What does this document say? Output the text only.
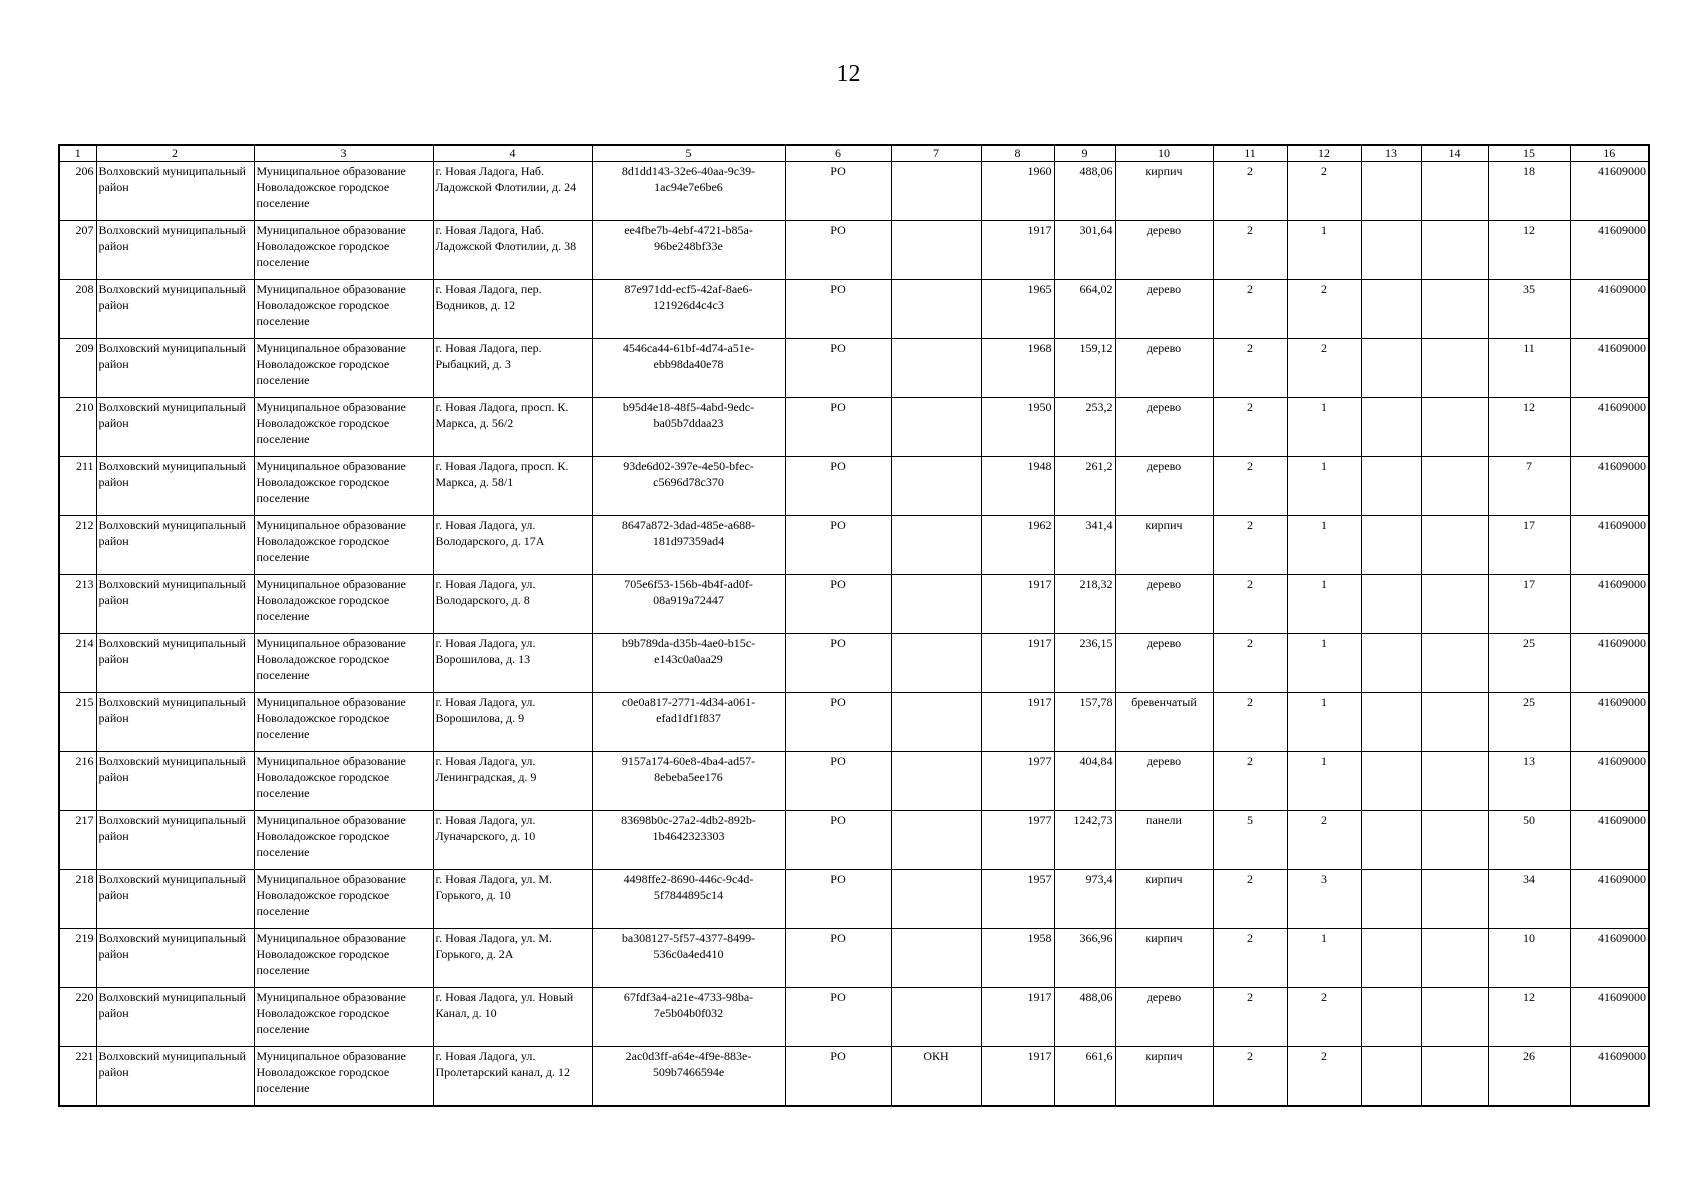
12
1	2	3	4	5	6	7	8	9	10	11	12	13	14	15	16
206	Волховский муниципальный район	Муниципальное образование Новоладожское городское поселение	г. Новая Ладога, Наб. Ладожской Флотилии, д. 24	8d1dd143-32e6-40aa-9c39-1ac94e7e6be6	РО		1960	488,06	кирпич	2	2			18	41609000
207	Волховский муниципальный район	Муниципальное образование Новоладожское городское поселение	г. Новая Ладога, Наб. Ладожской Флотилии, д. 38	ee4fbe7b-4ebf-4721-b85a-96be248bf33e	РО		1917	301,64	дерево	2	1			12	41609000
208	Волховский муниципальный район	Муниципальное образование Новоладожское городское поселение	г. Новая Ладога, пер. Водников, д. 12	87e971dd-ecf5-42af-8ae6-121926d4c4c3	РО		1965	664,02	дерево	2	2			35	41609000
209	Волховский муниципальный район	Муниципальное образование Новоладожское городское поселение	г. Новая Ладога, пер. Рыбацкий, д. 3	4546ca44-61bf-4d74-a51e-ebb98da40e78	РО		1968	159,12	дерево	2	2			11	41609000
210	Волховский муниципальный район	Муниципальное образование Новоладожское городское поселение	г. Новая Ладога, просп. К. Маркса, д. 56/2	b95d4e18-48f5-4abd-9edc-ba05b7ddaa23	РО		1950	253,2	дерево	2	1			12	41609000
211	Волховский муниципальный район	Муниципальное образование Новоладожское городское поселение	г. Новая Ладога, просп. К. Маркса, д. 58/1	93de6d02-397e-4e50-bfec-c5696d78c370	РО		1948	261,2	дерево	2	1			7	41609000
212	Волховский муниципальный район	Муниципальное образование Новоладожское городское поселение	г. Новая Ладога, ул. Володарского, д. 17А	8647a872-3dad-485e-a688-181d97359ad4	РО		1962	341,4	кирпич	2	1			17	41609000
213	Волховский муниципальный район	Муниципальное образование Новоладожское городское поселение	г. Новая Ладога, ул. Володарского, д. 8	705e6f53-156b-4b4f-ad0f-08a919a72447	РО		1917	218,32	дерево	2	1			17	41609000
214	Волховский муниципальный район	Муниципальное образование Новоладожское городское поселение	г. Новая Ладога, ул. Ворошилова, д. 13	b9b789da-d35b-4ae0-b15c-e143c0a0aa29	РО		1917	236,15	дерево	2	1			25	41609000
215	Волховский муниципальный район	Муниципальное образование Новоладожское городское поселение	г. Новая Ладога, ул. Ворошилова, д. 9	c0e0a817-2771-4d34-a061-efad1df1f837	РО		1917	157,78	бревенчатый	2	1			25	41609000
216	Волховский муниципальный район	Муниципальное образование Новоладожское городское поселение	г. Новая Ладога, ул. Ленинградская, д. 9	9157a174-60e8-4ba4-ad57-8ebeba5ee176	РО		1977	404,84	дерево	2	1			13	41609000
217	Волховский муниципальный район	Муниципальное образование Новоладожское городское поселение	г. Новая Ладога, ул. Луначарского, д. 10	83698b0c-27a2-4db2-892b-1b4642323303	РО		1977	1242,73	панели	5	2			50	41609000
218	Волховский муниципальный район	Муниципальное образование Новоладожское городское поселение	г. Новая Ладога, ул. М. Горького, д. 10	4498ffe2-8690-446c-9c4d-5f7844895c14	РО		1957	973,4	кирпич	2	3			34	41609000
219	Волховский муниципальный район	Муниципальное образование Новоладожское городское поселение	г. Новая Ладога, ул. М. Горького, д. 2А	ba308127-5f57-4377-8499-536c0a4ed410	РО		1958	366,96	кирпич	2	1			10	41609000
220	Волховский муниципальный район	Муниципальное образование Новоладожское городское поселение	г. Новая Ладога, ул. Новый Канал, д. 10	67fdf3a4-a21e-4733-98ba-7e5b04b0f032	РО		1917	488,06	дерево	2	2			12	41609000
221	Волховский муниципальный район	Муниципальное образование Новоладожское городское поселение	г. Новая Ладога, ул. Пролетарский канал, д. 12	2ac0d3ff-a64e-4f9e-883e-509b7466594e	РО	ОКН	1917	661,6	кирпич	2	2			26	41609000
